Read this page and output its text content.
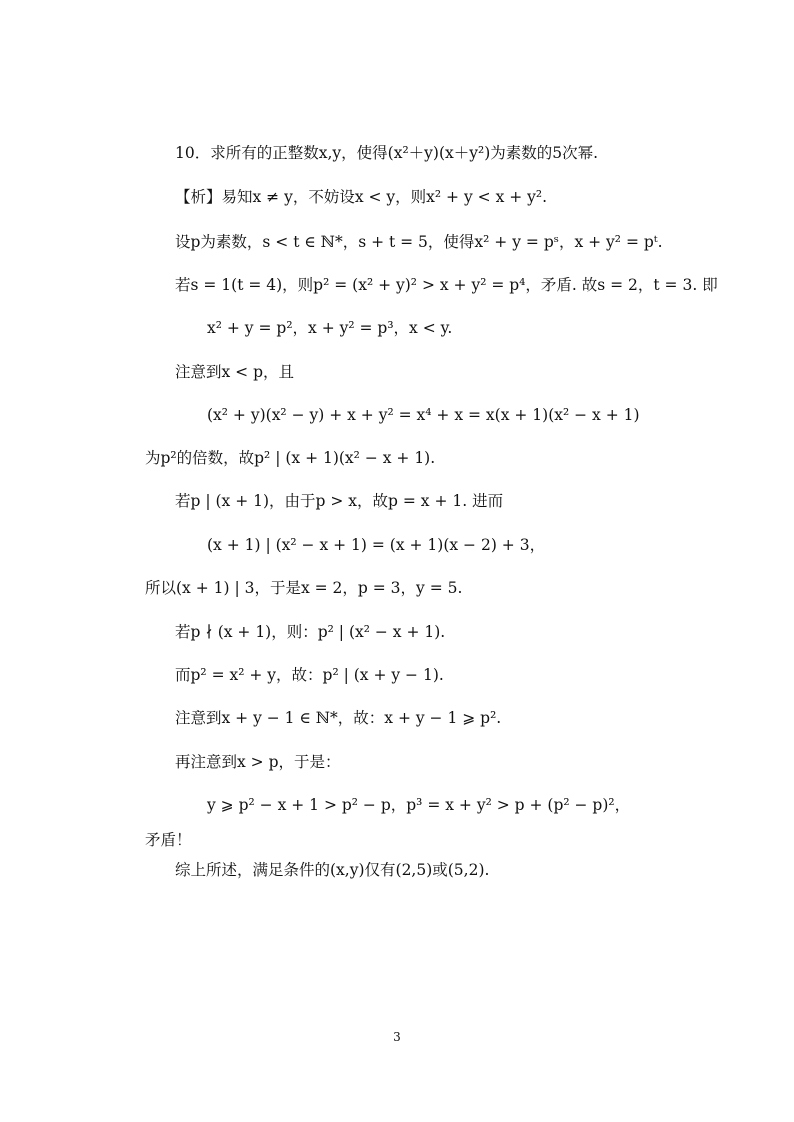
10．求所有的正整数x,y，使得(x²＋y)(x＋y²)为素数的5次幂.
【析】易知x ≠ y，不妨设x < y，则x² + y < x + y².
设p为素数，s < t ∈ ℕ*，s + t = 5，使得x² + y = pˢ，x + y² = pᵗ.
若s = 1(t = 4)，则p² = (x² + y)² > x + y² = p⁴，矛盾. 故s = 2，t = 3. 即
x² + y = p²，x + y² = p³，x < y.
注意到x < p，且
(x² + y)(x² − y) + x + y² = x⁴ + x = x(x + 1)(x² − x + 1)
为p²的倍数，故p² | (x + 1)(x² − x + 1).
若p | (x + 1)，由于p > x，故p = x + 1. 进而
(x + 1) | (x² − x + 1) = (x + 1)(x − 2) + 3，
所以(x + 1) | 3，于是x = 2，p = 3，y = 5.
若p ∤ (x + 1)，则：p² | (x² − x + 1).
而p² = x² + y，故：p² | (x + y − 1).
注意到x + y − 1 ∈ ℕ*，故：x + y − 1 ⩾ p².
再注意到x > p，于是：
y ⩾ p² − x + 1 > p² − p，p³ = x + y² > p + (p² − p)²，
矛盾！
综上所述，满足条件的(x,y)仅有(2,5)或(5,2).
3
